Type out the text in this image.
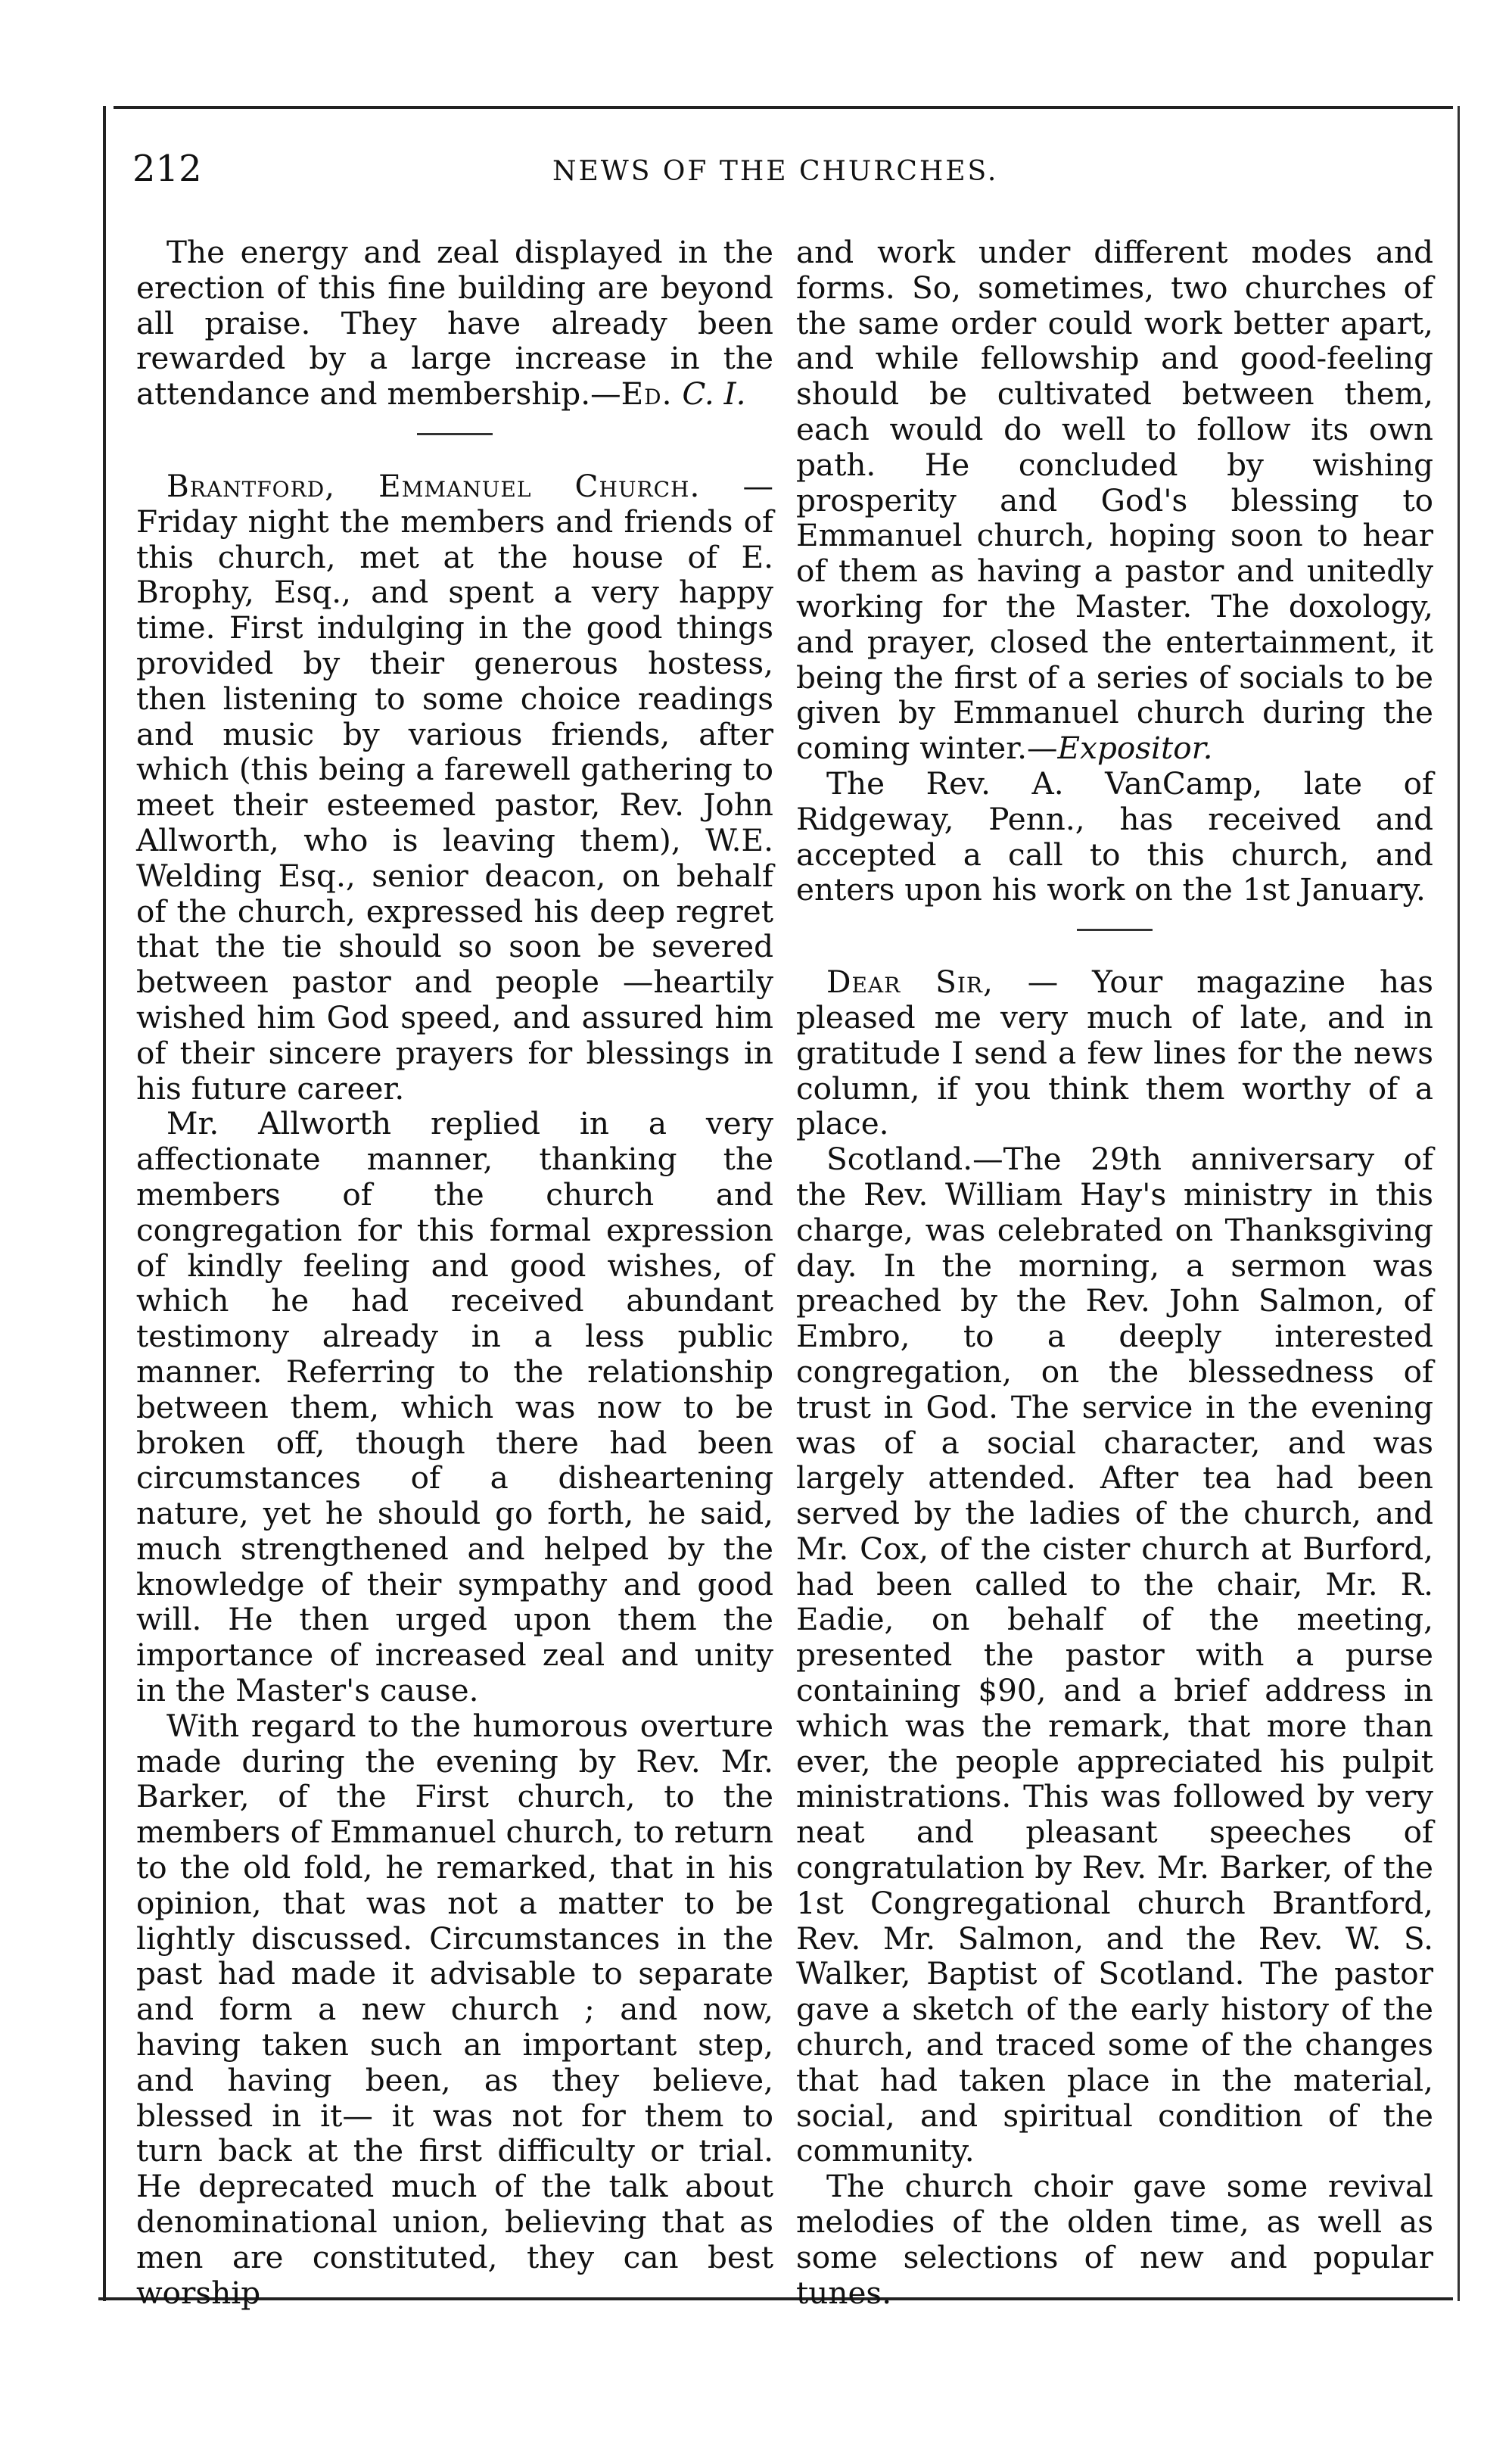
212	NEWS OF THE CHURCHES.

The energy and zeal displayed in the erection of this fine building are beyond all praise. They have already been rewarded by a large increase in the attendance and membership.—Ed. C. I.

Brantford, Emmanuel Church. — Friday night the members and friends of this church, met at the house of E. Brophy, Esq., and spent a very happy time. First indulging in the good things provided by their generous hostess, then listening to some choice readings and music by various friends, after which (this being a farewell gathering to meet their esteemed pastor, Rev. John Allworth, who is leaving them), W.E. Welding Esq., senior deacon, on behalf of the church, expressed his deep regret that the tie should so soon be severed between pastor and people —heartily wished him God speed, and assured him of their sincere prayers for blessings in his future career.

Mr. Allworth replied in a very affectionate manner, thanking the members of the church and congregation for this formal expression of kindly feeling and good wishes, of which he had received abundant testimony already in a less public manner. Referring to the relationship between them, which was now to be broken off, though there had been circumstances of a disheartening nature, yet he should go forth, he said, much strengthened and helped by the knowledge of their sympathy and good will. He then urged upon them the importance of increased zeal and unity in the Master's cause.

With regard to the humorous overture made during the evening by Rev. Mr. Barker, of the First church, to the members of Emmanuel church, to return to the old fold, he remarked, that in his opinion, that was not a matter to be lightly discussed. Circumstances in the past had made it advisable to separate and form a new church ; and now, having taken such an important step, and having been, as they believe, blessed in it— it was not for them to turn back at the first difficulty or trial. He deprecated much of the talk about denominational union, believing that as men are constituted, they can best worship

and work under different modes and forms. So, sometimes, two churches of the same order could work better apart, and while fellowship and good-feeling should be cultivated between them, each would do well to follow its own path. He concluded by wishing prosperity and God's blessing to Emmanuel church, hoping soon to hear of them as having a pastor and unitedly working for the Master. The doxology, and prayer, closed the entertainment, it being the first of a series of socials to be given by Emmanuel church during the coming winter.—Expositor.

The Rev. A. VanCamp, late of Ridgeway, Penn., has received and accepted a call to this church, and enters upon his work on the 1st January.

Dear Sir, — Your magazine has pleased me very much of late, and in gratitude I send a few lines for the news column, if you think them worthy of a place.

Scotland.—The 29th anniversary of the Rev. William Hay's ministry in this charge, was celebrated on Thanksgiving day. In the morning, a sermon was preached by the Rev. John Salmon, of Embro, to a deeply interested congregation, on the blessedness of trust in God. The service in the evening was of a social character, and was largely attended. After tea had been served by the ladies of the church, and Mr. Cox, of the cister church at Burford, had been called to the chair, Mr. R. Eadie, on behalf of the meeting, presented the pastor with a purse containing $90, and a brief address in which was the remark, that more than ever, the people appreciated his pulpit ministrations. This was followed by very neat and pleasant speeches of congratulation by Rev. Mr. Barker, of the 1st Congregational church Brantford, Rev. Mr. Salmon, and the Rev. W. S. Walker, Baptist of Scotland. The pastor gave a sketch of the early history of the church, and traced some of the changes that had taken place in the material, social, and spiritual condition of the community.

The church choir gave some revival melodies of the olden time, as well as some selections of new and popular tunes.
